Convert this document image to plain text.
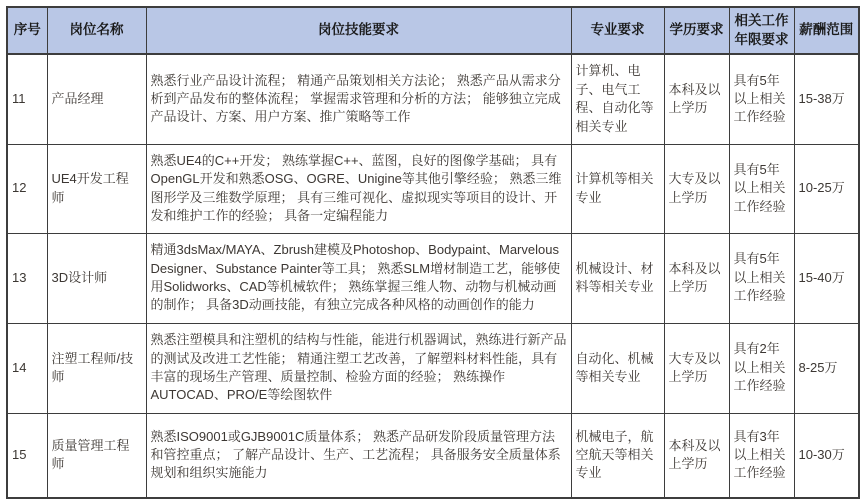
序号	岗位名称	岗位技能要求	专业要求	学历要求	相关工作年限要求	薪酬范围
11	产品经理	熟悉行业产品设计流程； 精通产品策划相关方法论； 熟悉产品从需求分析到产品发布的整体流程； 掌握需求管理和分析的方法； 能够独立完成产品设计、方案、用户方案、推广策略等工作	计算机、电子、电气工程、自动化等相关专业	本科及以上学历	具有5年以上相关工作经验	15-38万
12	UE4开发工程师	熟悉UE4的C++开发； 熟练掌握C++、蓝图，良好的图像学基础； 具有OpenGL开发和熟悉OSG、OGRE、Unigine等其他引擎经验； 熟悉三维图形学及三维数学原理； 具有三维可视化、虚拟现实等项目的设计、开发和维护工作的经验； 具备一定编程能力	计算机等相关专业	大专及以上学历	具有5年以上相关工作经验	10-25万
13	3D设计师	精通3dsMax/MAYA、Zbrush建模及Photoshop、Bodypaint、Marvelous Designer、Substance Painter等工具； 熟悉SLM增材制造工艺，能够使用Solidworks、CAD等机械软件； 熟练掌握三维人物、动物与机械动画的制作； 具备3D动画技能，有独立完成各种风格的动画创作的能力	机械设计、材料等相关专业	本科及以上学历	具有5年以上相关工作经验	15-40万
14	注塑工程师/技师	熟悉注塑模具和注塑机的结构与性能，能进行机器调试，熟练进行新产品的测试及改进工艺性能； 精通注塑工艺改善，了解塑料材料性能，具有丰富的现场生产管理、质量控制、检验方面的经验； 熟练操作AUTOCAD、PRO/E等绘图软件	自动化、机械等相关专业	大专及以上学历	具有2年以上相关工作经验	8-25万
15	质量管理工程师	熟悉ISO9001或GJB9001C质量体系； 熟悉产品研发阶段质量管理方法和管控重点； 了解产品设计、生产、工艺流程； 具备服务安全质量体系规划和组织实施能力	机械电子，航空航天等相关专业	本科及以上学历	具有3年以上相关工作经验	10-30万
